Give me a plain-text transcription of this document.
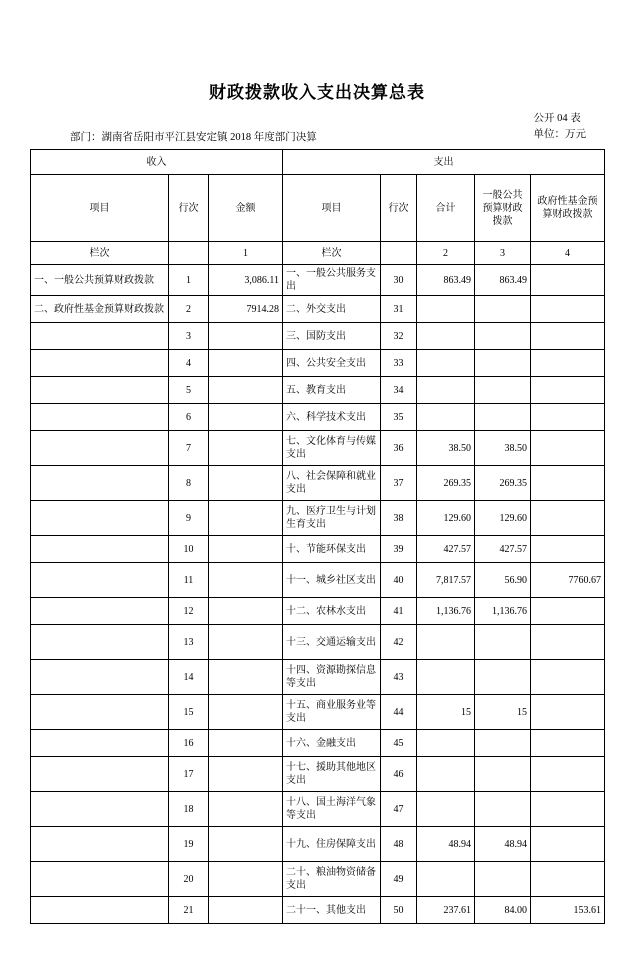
财政拨款收入支出决算总表
公开 04 表
单位：万元
部门：湖南省岳阳市平江县安定镇 2018 年度部门决算
收入			支出				
项目	行次	金额	项目	行次	合计	一般公共预算财政拨款	政府性基金预算财政拨款
栏次		1	栏次		2	3	4
一、一般公共预算财政拨款	1	3,086.11	一、一般公共服务支出	30	863.49	863.49	
二、政府性基金预算财政拨款	2	7914.28	二、外交支出	31			
	3		三、国防支出	32			
	4		四、公共安全支出	33			
	5		五、教育支出	34			
	6		六、科学技术支出	35			
	7		七、文化体育与传媒支出	36	38.50	38.50	
	8		八、社会保障和就业支出	37	269.35	269.35	
	9		九、医疗卫生与计划生育支出	38	129.60	129.60	
	10		十、节能环保支出	39	427.57	427.57	
	11		十一、城乡社区支出	40	7,817.57	56.90	7760.67
	12		十二、农林水支出	41	1,136.76	1,136.76	
	13		十三、交通运输支出	42			
	14		十四、资源勘探信息等支出	43			
	15		十五、商业服务业等支出	44	15	15	
	16		十六、金融支出	45			
	17		十七、援助其他地区支出	46			
	18		十八、国土海洋气象等支出	47			
	19		十九、住房保障支出	48	48.94	48.94	
	20		二十、粮油物资储备支出	49			
	21		二十一、其他支出	50	237.61	84.00	153.61
